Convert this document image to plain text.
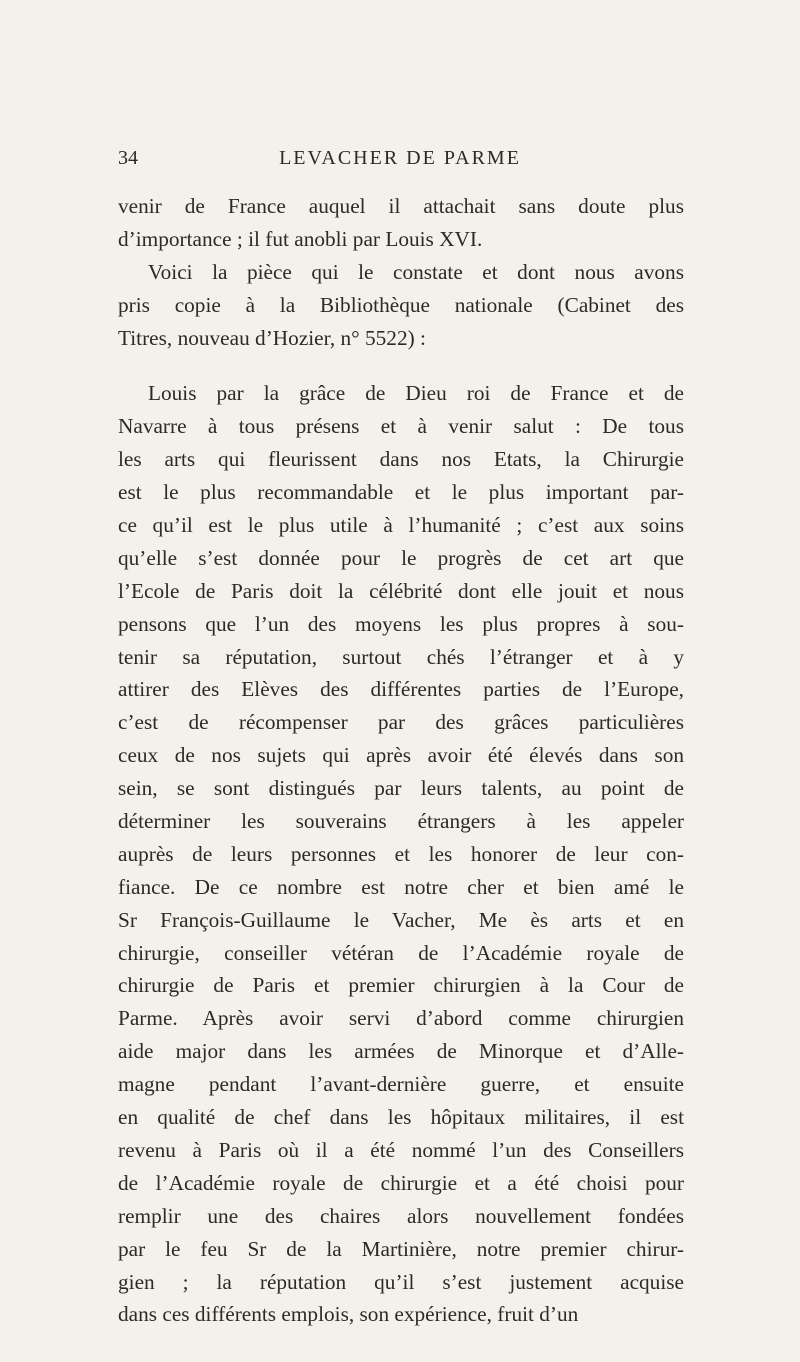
34	LEVACHER DE PARME
venir de France auquel il attachait sans doute plus
d’importance ; il fut anobli par Louis XVI.
Voici la pièce qui le constate et dont nous avons
pris copie à la Bibliothèque nationale (Cabinet des
Titres, nouveau d’Hozier, n° 5522) :
Louis par la grâce de Dieu roi de France et de
Navarre à tous présens et à venir salut : De tous
les arts qui fleurissent dans nos Etats, la Chirurgie
est le plus recommandable et le plus important par-
ce qu’il est le plus utile à l’humanité ; c’est aux soins
qu’elle s’est donnée pour le progrès de cet art que
l’Ecole de Paris doit la célébrité dont elle jouit et nous
pensons que l’un des moyens les plus propres à sou-
tenir sa réputation, surtout chés l’étranger et à y
attirer des Elèves des différentes parties de l’Europe,
c’est de récompenser par des grâces particulières
ceux de nos sujets qui après avoir été élevés dans son
sein, se sont distingués par leurs talents, au point de
déterminer les souverains étrangers à les appeler
auprès de leurs personnes et les honorer de leur con-
fiance. De ce nombre est notre cher et bien amé le
Sr François-Guillaume le Vacher, Me ès arts et en
chirurgie, conseiller vétéran de l’Académie royale de
chirurgie de Paris et premier chirurgien à la Cour de
Parme. Après avoir servi d’abord comme chirurgien
aide major dans les armées de Minorque et d’Alle-
magne pendant l’avant-dernière guerre, et ensuite
en qualité de chef dans les hôpitaux militaires, il est
revenu à Paris où il a été nommé l’un des Conseillers
de l’Académie royale de chirurgie et a été choisi pour
remplir une des chaires alors nouvellement fondées
par le feu Sr de la Martinière, notre premier chirur-
gien ; la réputation qu’il s’est justement acquise
dans ces différents emplois, son expérience, fruit d’un
